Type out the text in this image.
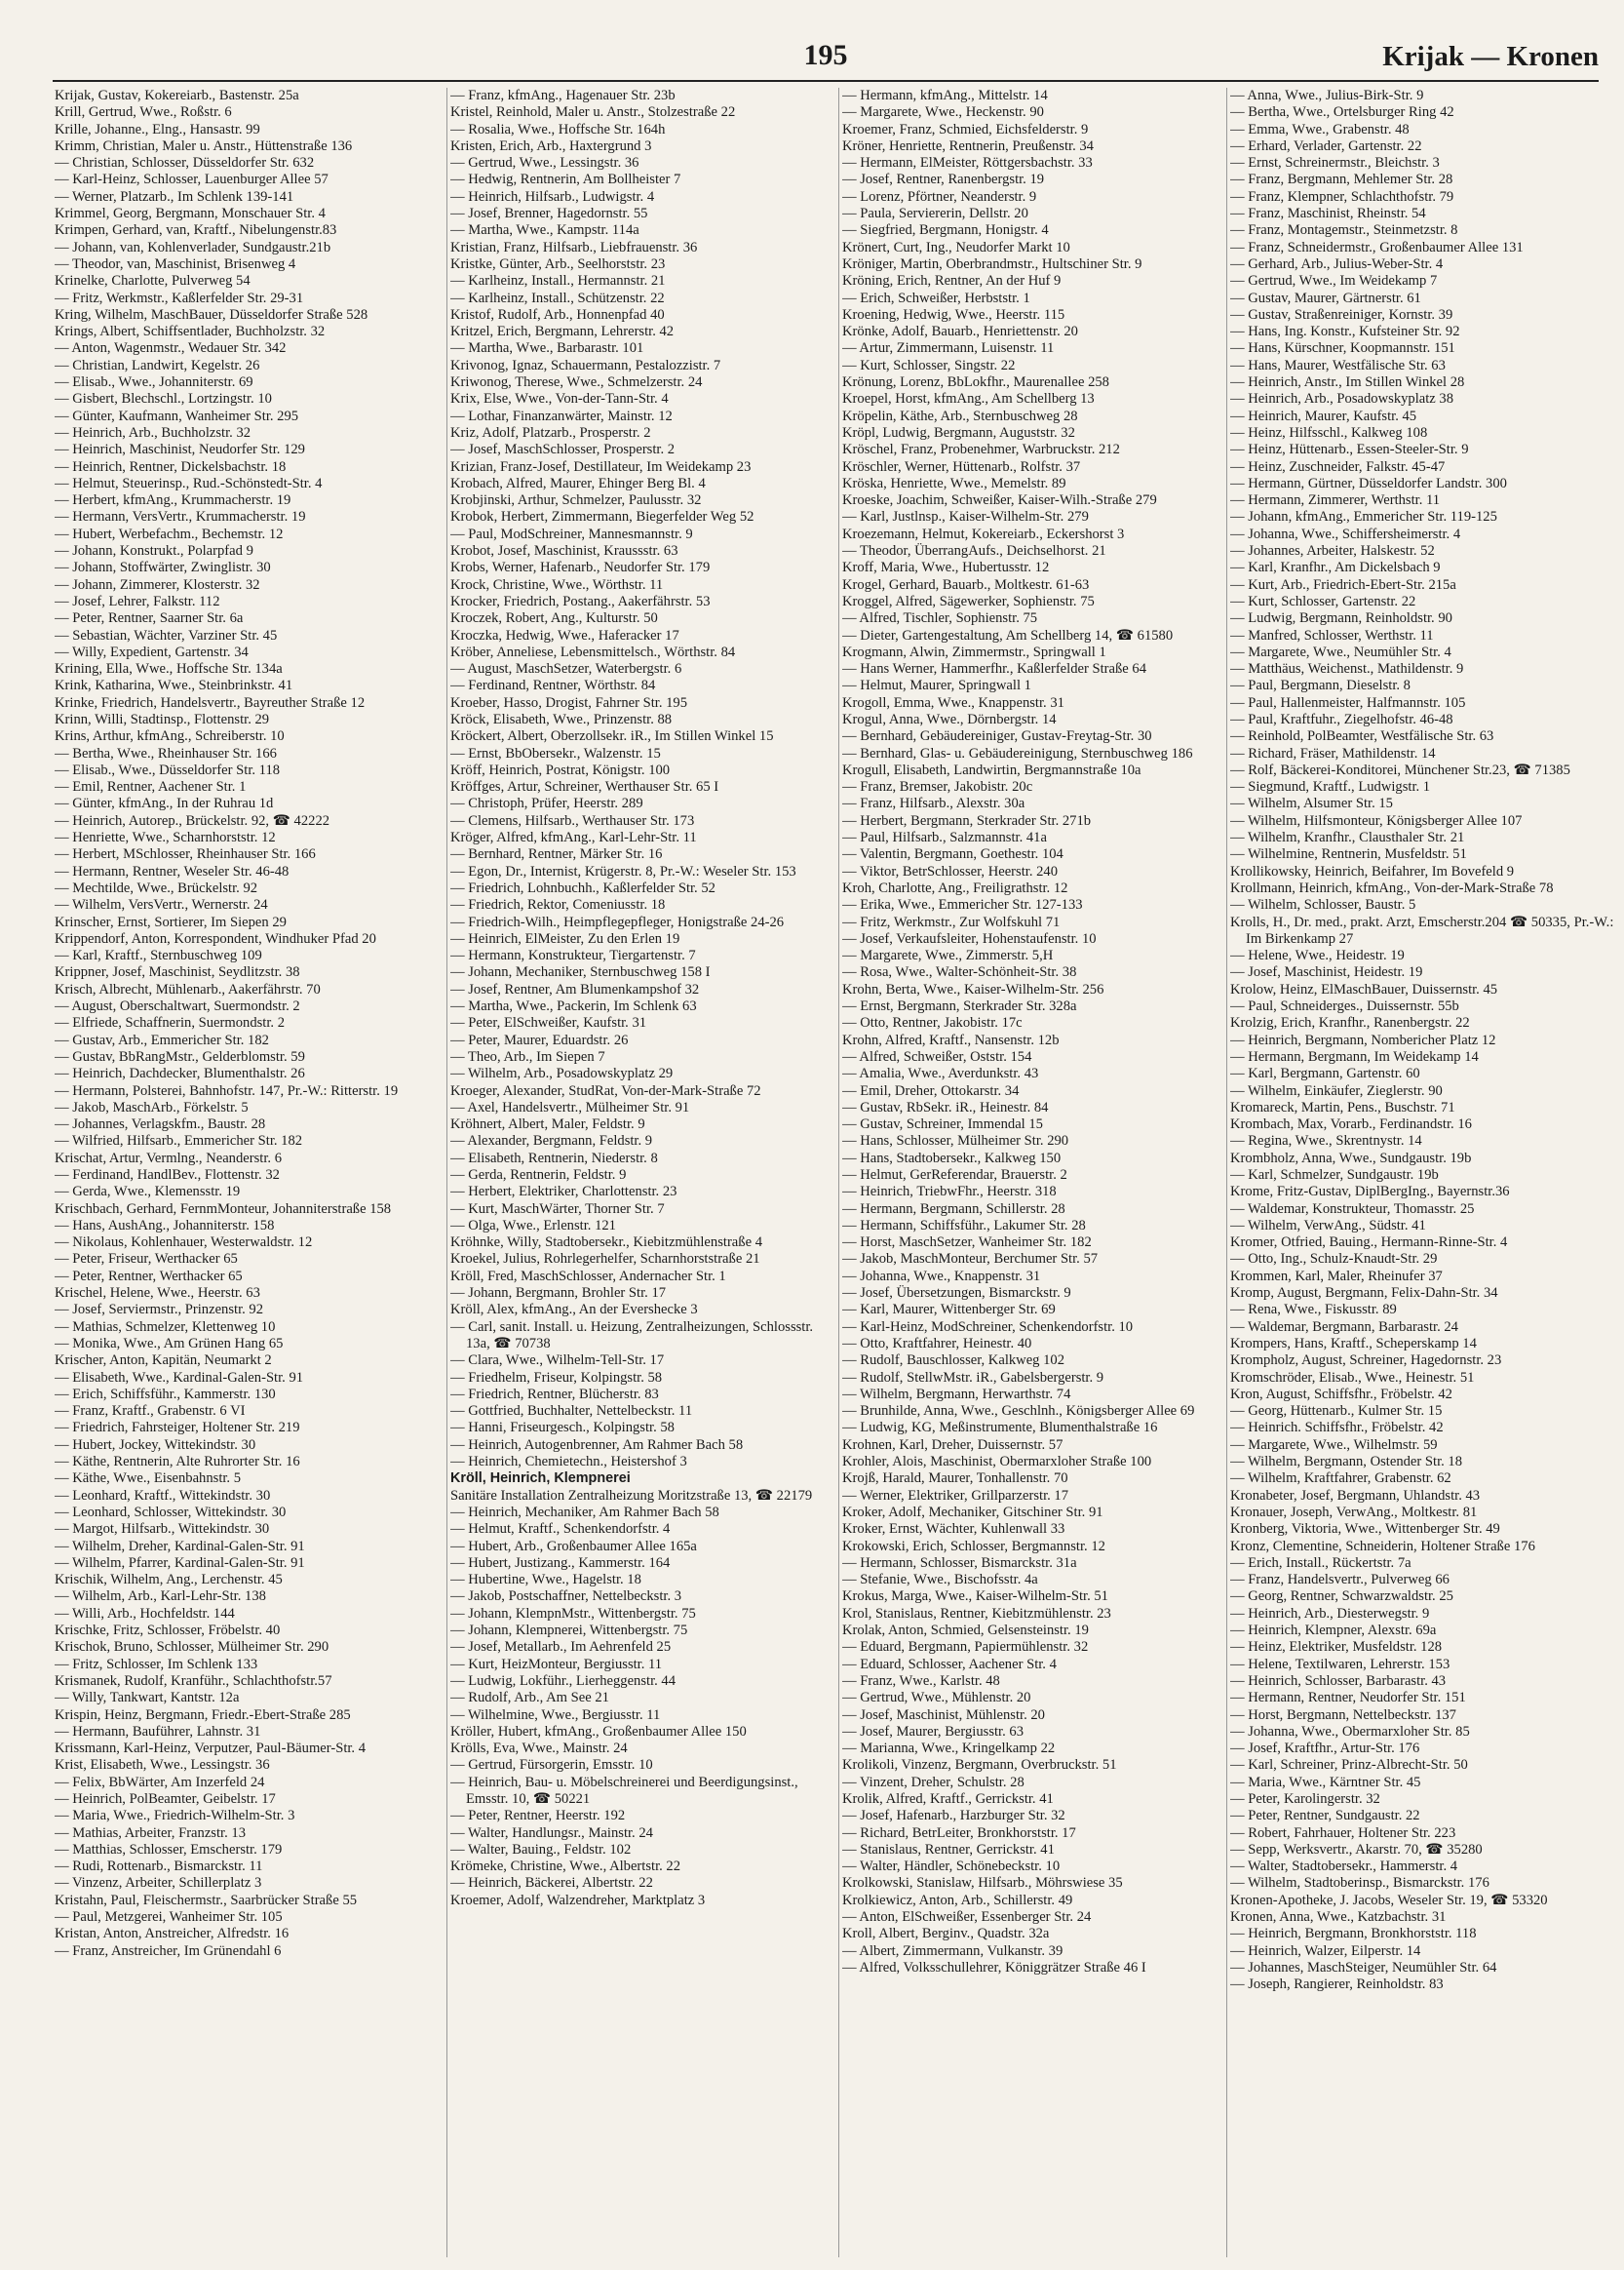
195	Krijak — Kronen
Krijak, Gustav, Kokereiarb., Bastenstr. 25a
Krill, Gertrud, Wwe., Roßstr. 6
Krille, Johanne., Elng., Hansastr. 99
Krimm, Christian, Maler u. Anstr., Hüttenstraße 136
— Christian, Schlosser, Düsseldorfer Str. 632
— Karl-Heinz, Schlosser, Lauenburger Allee 57
— Werner, Platzarb., Im Schlenk 139-141
Krimmel, Georg, Bergmann, Monschauer Str. 4
Krimpen, Gerhard, van, Kraftf., Nibelungenstr.83
— Johann, van, Kohlenverlader, Sundgaustr.21b
— Theodor, van, Maschinist, Brisenweg 4
Krinelke, Charlotte, Pulverweg 54
— Fritz, Werkmstr., Kaßlerfelder Str. 29-31
Kring, Wilhelm, MaschBauer, Düsseldorfer Straße 528
Krings, Albert, Schiffsentlader, Buchholzstr. 32
— Anton, Wagenmstr., Wedauer Str. 342
— Christian, Landwirt, Kegelstr. 26
— Elisab., Wwe., Johanniterstr. 69
— Gisbert, Blechschl., Lortzingstr. 10
— Günter, Kaufmann, Wanheimer Str. 295
— Heinrich, Arb., Buchholzstr. 32
— Heinrich, Maschinist, Neudorfer Str. 129
— Heinrich, Rentner, Dickelsbachstr. 18
— Helmut, Steuerinsp., Rud.-Schönstedt-Str. 4
— Herbert, kfmAng., Krummacherstr. 19
— Hermann, VersVertr., Krummacherstr. 19
— Hubert, Werbefachm., Bechemstr. 12
— Johann, Konstrukt., Polarpfad 9
— Johann, Stoffwärter, Zwinglistr. 30
— Johann, Zimmerer, Klosterstr. 32
— Josef, Lehrer, Falkstr. 112
— Peter, Rentner, Saarner Str. 6a
— Sebastian, Wächter, Varziner Str. 45
— Willy, Expedient, Gartenstr. 34
Krining, Ella, Wwe., Hoffsche Str. 134a
Krink, Katharina, Wwe., Steinbrinkstr. 41
Krinke, Friedrich, Handelsvertr., Bayreuther Straße 12
Krinn, Willi, Stadtinsp., Flottenstr. 29
Krins, Arthur, kfmAng., Schreiberstr. 10
— Bertha, Wwe., Rheinhauser Str. 166
— Elisab., Wwe., Düsseldorfer Str. 118
— Emil, Rentner, Aachener Str. 1
— Günter, kfmAng., In der Ruhrau 1d
— Heinrich, Autorep., Brückelstr. 92, ☎ 42222
— Henriette, Wwe., Scharnhorststr. 12
— Herbert, MSchlosser, Rheinhauser Str. 166
— Hermann, Rentner, Weseler Str. 46-48
— Mechtilde, Wwe., Brückelstr. 92
— Wilhelm, VersVertr., Wernerstr. 24
Krinscher, Ernst, Sortierer, Im Siepen 29
Krippendorf, Anton, Korrespondent, Windhuker Pfad 20
— Karl, Kraftf., Sternbuschweg 109
Krippner, Josef, Maschinist, Seydlitzstr. 38
Krisch, Albrecht, Mühlenarb., Aakerfährstr. 70
— August, Oberschaltwart, Suermondstr. 2
— Elfriede, Schaffnerin, Suermondstr. 2
— Gustav, Arb., Emmericher Str. 182
— Gustav, BbRangMstr., Gelderblomstr. 59
— Heinrich, Dachdecker, Blumenthalstr. 26
— Hermann, Polsterei, Bahnhofstr. 147, Pr.-W.: Ritterstr. 19
— Jakob, MaschArb., Förkelstr. 5
— Johannes, Verlagskfm., Baustr. 28
— Wilfried, Hilfsarb., Emmericher Str. 182
Krischat, Artur, Vermlng., Neanderstr. 6
— Ferdinand, HandlBev., Flottenstr. 32
— Gerda, Wwe., Klemensstr. 19
Krischbach, Gerhard, FernmMonteur, Johanniterstraße 158
— Hans, AushAng., Johanniterstr. 158
— Nikolaus, Kohlenhauer, Westerwaldstr. 12
— Peter, Friseur, Werthacker 65
— Peter, Rentner, Werthacker 65
Krischel, Helene, Wwe., Heerstr. 63
— Josef, Serviermstr., Prinzenstr. 92
— Mathias, Schmelzer, Klettenweg 10
— Monika, Wwe., Am Grünen Hang 65
Krischer, Anton, Kapitän, Neumarkt 2
— Elisabeth, Wwe., Kardinal-Galen-Str. 91
— Erich, Schiffsführ., Kammerstr. 130
— Franz, Kraftf., Grabenstr. 6 VI
— Friedrich, Fahrsteiger, Holtener Str. 219
— Hubert, Jockey, Wittekindstr. 30
— Käthe, Rentnerin, Alte Ruhrorter Str. 16
— Käthe, Wwe., Eisenbahnstr. 5
— Leonhard, Kraftf., Wittekindstr. 30
— Leonhard, Schlosser, Wittekindstr. 30
— Margot, Hilfsarb., Wittekindstr. 30
— Wilhelm, Dreher, Kardinal-Galen-Str. 91
— Wilhelm, Pfarrer, Kardinal-Galen-Str. 91
Krischik, Wilhelm, Ang., Lerchenstr. 45
— Wilhelm, Arb., Karl-Lehr-Str. 138
— Willi, Arb., Hochfeldstr. 144
Krischke, Fritz, Schlosser, Fröbelstr. 40
Krischok, Bruno, Schlosser, Mülheimer Str. 290
— Fritz, Schlosser, Im Schlenk 133
Krismanek, Rudolf, Kranführ., Schlachthofstr.57
— Willy, Tankwart, Kantstr. 12a
Krispin, Heinz, Bergmann, Friedr.-Ebert-Straße 285
— Hermann, Bauführer, Lahnstr. 31
Krissmann, Karl-Heinz, Verputzer, Paul-Bäumer-Str. 4
Krist, Elisabeth, Wwe., Lessingstr. 36
— Felix, BbWärter, Am Inzerfeld 24
— Heinrich, PolBeamter, Geibelstr. 17
— Maria, Wwe., Friedrich-Wilhelm-Str. 3
— Mathias, Arbeiter, Franzstr. 13
— Matthias, Schlosser, Emscherstr. 179
— Rudi, Rottenarb., Bismarckstr. 11
— Vinzenz, Arbeiter, Schillerplatz 3
Kristahn, Paul, Fleischermstr., Saarbrücker Straße 55
— Paul, Metzgerei, Wanheimer Str. 105
Kristan, Anton, Anstreicher, Alfredstr. 16
— Franz, Anstreicher, Im Grünendahl 6
— Franz, kfmAng., Hagenauer Str. 23b
Kristel, Reinhold, Maler u. Anstr., Stolzestraße 22
— Rosalia, Wwe., Hoffsche Str. 164h
Kristen, Erich, Arb., Haxtergrund 3
— Gertrud, Wwe., Lessingstr. 36
— Hedwig, Rentnerin, Am Bollheister 7
— Heinrich, Hilfsarb., Ludwigstr. 4
— Josef, Brenner, Hagedornstr. 55
— Martha, Wwe., Kampstr. 114a
Kristian, Franz, Hilfsarb., Liebfrauenstr. 36
Kristke, Günter, Arb., Seelhorststr. 23
— Karlheinz, Install., Hermannstr. 21
— Karlheinz, Install., Schützenstr. 22
Kristof, Rudolf, Arb., Honnenpfad 40
Kritzel, Erich, Bergmann, Lehrerstr. 42
— Martha, Wwe., Barbarastr. 101
Krivonog, Ignaz, Schauermann, Pestalozzistr. 7
Kriwonog, Therese, Wwe., Schmelzerstr. 24
Krix, Else, Wwe., Von-der-Tann-Str. 4
— Lothar, Finanzanwärter, Mainstr. 12
Kriz, Adolf, Platzarb., Prosperstr. 2
— Josef, MaschSchlosser, Prosperstr. 2
Krizian, Franz-Josef, Destillateur, Im Weidekamp 23
Krobach, Alfred, Maurer, Ehinger Berg Bl. 4
Krobjinski, Arthur, Schmelzer, Paulusstr. 32
Krobok, Herbert, Zimmermann, Biegerfelder Weg 52
— Paul, ModSchreiner, Mannesmannstr. 9
Krobot, Josef, Maschinist, Kraussstr. 63
Krobs, Werner, Hafenarb., Neudorfer Str. 179
Krock, Christine, Wwe., Wörthstr. 11
Krocker, Friedrich, Postang., Aakerfährstr. 53
Kroczek, Robert, Ang., Kulturstr. 50
Kroczka, Hedwig, Wwe., Haferacker 17
Kröber, Anneliese, Lebensmittelsch., Wörthstr. 84
— August, MaschSetzer, Waterbergstr. 6
— Ferdinand, Rentner, Wörthstr. 84
Kroeber, Hasso, Drogist, Fahrner Str. 195
Kröck, Elisabeth, Wwe., Prinzenstr. 88
Kröckert, Albert, Oberzollsekr. iR., Im Stillen Winkel 15
— Ernst, BbObersekr., Walzenstr. 15
Kröff, Heinrich, Postrat, Königstr. 100
Kröffges, Artur, Schreiner, Werthauser Str. 65 I
— Christoph, Prüfer, Heerstr. 289
— Clemens, Hilfsarb., Werthauser Str. 173
Kröger, Alfred, kfmAng., Karl-Lehr-Str. 11
— Bernhard, Rentner, Märker Str. 16
— Egon, Dr., Internist, Krügerstr. 8, Pr.-W.: Weseler Str. 153
— Friedrich, Lohnbuchh., Kaßlerfelder Str. 52
— Friedrich, Rektor, Comeniusstr. 18
— Friedrich-Wilh., Heimpflegepfleger, Honigstraße 24-26
— Heinrich, ElMeister, Zu den Erlen 19
— Hermann, Konstrukteur, Tiergartenstr. 7
— Johann, Mechaniker, Sternbuschweg 158 I
— Josef, Rentner, Am Blumenkampshof 32
— Martha, Wwe., Packerin, Im Schlenk 63
— Peter, ElSchweißer, Kaufstr. 31
— Peter, Maurer, Eduardstr. 26
— Theo, Arb., Im Siepen 7
— Wilhelm, Arb., Posadowskyplatz 29
Kroeger, Alexander, StudRat, Von-der-Mark-Straße 72
— Axel, Handelsvertr., Mülheimer Str. 91
Kröhnert, Albert, Maler, Feldstr. 9
— Alexander, Bergmann, Feldstr. 9
— Elisabeth, Rentnerin, Niederstr. 8
— Gerda, Rentnerin, Feldstr. 9
— Herbert, Elektriker, Charlottenstr. 23
— Kurt, MaschWärter, Thorner Str. 7
— Olga, Wwe., Erlenstr. 121
Kröhnke, Willy, Stadtobersekr., Kiebitzmühlenstraße 4
Kroekel, Julius, Rohrlegerhelfer, Scharnhorststraße 21
Kröll, Fred, MaschSchlosser, Andernacher Str. 1
— Johann, Bergmann, Brohler Str. 17
Kröll, Alex, kfmAng., An der Evershecke 3
— Carl, sanit. Install. u. Heizung, Zentralheizungen, Schlossstr. 13a, ☎ 70738
— Clara, Wwe., Wilhelm-Tell-Str. 17
— Friedhelm, Friseur, Kolpingstr. 58
— Friedrich, Rentner, Blücherstr. 83
— Gottfried, Buchhalter, Nettelbeckstr. 11
— Hanni, Friseurgesch., Kolpingstr. 58
— Heinrich, Autogenbrenner, Am Rahmer Bach 58
— Heinrich, Chemietechn., Heistershof 3
Kröll, Heinrich, Klempnerei
Sanitäre Installation Zentralheizung Moritzstraße 13, ☎ 22179
— Heinrich, Mechaniker, Am Rahmer Bach 58
— Helmut, Kraftf., Schenkendorfstr. 4
— Hubert, Arb., Großenbaumer Allee 165a
— Hubert, Justizang., Kammerstr. 164
— Hubertine, Wwe., Hagelstr. 18
— Jakob, Postschaffner, Nettelbeckstr. 3
— Johann, KlempnMstr., Wittenbergstr. 75
— Johann, Klempnerei, Wittenbergstr. 75
— Josef, Metallarb., Im Aehrenfeld 25
— Kurt, HeizMonteur, Bergiusstr. 11
— Ludwig, Lokführ., Lierheggenstr. 44
— Rudolf, Arb., Am See 21
— Wilhelmine, Wwe., Bergiusstr. 11
Kröller, Hubert, kfmAng., Großenbaumer Allee 150
Krölls, Eva, Wwe., Mainstr. 24
— Gertrud, Fürsorgerin, Emsstr. 10
— Heinrich, Bau- u. Möbelschreinerei und Beerdigungsinst., Emsstr. 10, ☎ 50221
— Peter, Rentner, Heerstr. 192
— Walter, Handlungsr., Mainstr. 24
— Walter, Bauing., Feldstr. 102
Krömeke, Christine, Wwe., Albertstr. 22
— Heinrich, Bäckerei, Albertstr. 22
Kroemer, Adolf, Walzendreher, Marktplatz 3
— Hermann, kfmAng., Mittelstr. 14
— Margarete, Wwe., Heckenstr. 90
Kroemer, Franz, Schmied, Eichsfelderstr. 9
Kröner, Henriette, Rentnerin, Preußenstr. 34
— Hermann, ElMeister, Röttgersbachstr. 33
— Josef, Rentner, Ranenbergstr. 19
— Lorenz, Pförtner, Neanderstr. 9
— Paula, Serviererin, Dellstr. 20
— Siegfried, Bergmann, Honigstr. 4
Krönert, Curt, Ing., Neudorfer Markt 10
Kröniger, Martin, Oberbrandmstr., Hultschiner Str. 9
Kröning, Erich, Rentner, An der Huf 9
— Erich, Schweißer, Herbststr. 1
Kroening, Hedwig, Wwe., Heerstr. 115
Krönke, Adolf, Bauarb., Henriettenstr. 20
— Artur, Zimmermann, Luisenstr. 11
— Kurt, Schlosser, Singstr. 22
Krönung, Lorenz, BbLokfhr., Maurenallee 258
Kroepel, Horst, kfmAng., Am Schellberg 13
Kröpelin, Käthe, Arb., Sternbuschweg 28
Kröpl, Ludwig, Bergmann, Auguststr. 32
Kröschel, Franz, Probenehmer, Warbruckstr. 212
Kröschler, Werner, Hüttenarb., Rolfstr. 37
Kröska, Henriette, Wwe., Memelstr. 89
Kroeske, Joachim, Schweißer, Kaiser-Wilh.-Straße 279
— Karl, Justlnsp., Kaiser-Wilhelm-Str. 279
Kroezemann, Helmut, Kokereiarb., Eckershorst 3
— Theodor, ÜberrangAufs., Deichselhorst. 21
Kroff, Maria, Wwe., Hubertusstr. 12
Krogel, Gerhard, Bauarb., Moltkestr. 61-63
Kroggel, Alfred, Sägewerker, Sophienstr. 75
— Alfred, Tischler, Sophienstr. 75
— Dieter, Gartengestaltung, Am Schellberg 14, ☎ 61580
Krogmann, Alwin, Zimmermstr., Springwall 1
— Hans Werner, Hammerfhr., Kaßlerfelder Straße 64
— Helmut, Maurer, Springwall 1
Krogoll, Emma, Wwe., Knappenstr. 31
Krogul, Anna, Wwe., Dörnbergstr. 14
— Bernhard, Gebäudereiniger, Gustav-Freytag-Str. 30
— Bernhard, Glas- u. Gebäudereinigung, Sternbuschweg 186
Krogull, Elisabeth, Landwirtin, Bergmannstraße 10a
— Franz, Bremser, Jakobistr. 20c
— Franz, Hilfsarb., Alexstr. 30a
— Herbert, Bergmann, Sterkrader Str. 271b
— Paul, Hilfsarb., Salzmannstr. 41a
— Valentin, Bergmann, Goethestr. 104
— Viktor, BetrSchlosser, Heerstr. 240
Kroh, Charlotte, Ang., Freiligrathstr. 12
— Erika, Wwe., Emmericher Str. 127-133
— Fritz, Werkmstr., Zur Wolfskuhl 71
— Josef, Verkaufsleiter, Hohenstaufenstr. 10
— Margarete, Wwe., Zimmerstr. 5,H
— Rosa, Wwe., Walter-Schönheit-Str. 38
Krohn, Berta, Wwe., Kaiser-Wilhelm-Str. 256
— Ernst, Bergmann, Sterkrader Str. 328a
— Otto, Rentner, Jakobistr. 17c
Krohn, Alfred, Kraftf., Nansenstr. 12b
— Alfred, Schweißer, Oststr. 154
— Amalia, Wwe., Averdunkstr. 43
— Emil, Dreher, Ottokarstr. 34
— Gustav, RbSekr. iR., Heinestr. 84
— Gustav, Schreiner, Immendal 15
— Hans, Schlosser, Mülheimer Str. 290
— Hans, Stadtobersekr., Kalkweg 150
— Helmut, GerReferendar, Brauerstr. 2
— Heinrich, TriebwFhr., Heerstr. 318
— Hermann, Bergmann, Schillerstr. 28
— Hermann, Schiffsführ., Lakumer Str. 28
— Horst, MaschSetzer, Wanheimer Str. 182
— Jakob, MaschMonteur, Berchumer Str. 57
— Johanna, Wwe., Knappenstr. 31
— Josef, Übersetzungen, Bismarckstr. 9
— Karl, Maurer, Wittenberger Str. 69
— Karl-Heinz, ModSchreiner, Schenkendorfstr. 10
— Otto, Kraftfahrer, Heinestr. 40
— Rudolf, Bauschlosser, Kalkweg 102
— Rudolf, StellwMstr. iR., Gabelsbergerstr. 9
— Wilhelm, Bergmann, Herwarthstr. 74
— Brunhilde, Anna, Wwe., Geschlnh., Königsberger Allee 69
— Ludwig, KG, Meßinstrumente, Blumenthalstraße 16
Krohnen, Karl, Dreher, Duissernstr. 57
Krohler, Alois, Maschinist, Obermarxloher Straße 100
Krojß, Harald, Maurer, Tonhallenstr. 70
— Werner, Elektriker, Grillparzerstr. 17
Kroker, Adolf, Mechaniker, Gitschiner Str. 91
Kroker, Ernst, Wächter, Kuhlenwall 33
Krokowski, Erich, Schlosser, Bergmannstr. 12
— Hermann, Schlosser, Bismarckstr. 31a
— Stefanie, Wwe., Bischofsstr. 4a
Krokus, Marga, Wwe., Kaiser-Wilhelm-Str. 51
Krol, Stanislaus, Rentner, Kiebitzmühlenstr. 23
Krolak, Anton, Schmied, Gelsensteinstr. 19
— Eduard, Bergmann, Papiermühlenstr. 32
— Eduard, Schlosser, Aachener Str. 4
— Franz, Wwe., Karlstr. 48
— Gertrud, Wwe., Mühlenstr. 20
— Josef, Maschinist, Mühlenstr. 20
— Josef, Maurer, Bergiusstr. 63
— Marianna, Wwe., Kringelkamp 22
Krolikoli, Vinzenz, Bergmann, Overbruckstr. 51
— Vinzent, Dreher, Schulstr. 28
Krolik, Alfred, Kraftf., Gerrickstr. 41
— Josef, Hafenarb., Harzburger Str. 32
— Richard, BetrLeiter, Bronkhorststr. 17
— Stanislaus, Rentner, Gerrickstr. 41
— Walter, Händler, Schönebeckstr. 10
Krolkowski, Stanislaw, Hilfsarb., Möhrswiese 35
Krolkiewicz, Anton, Arb., Schillerstr. 49
— Anton, ElSchweißer, Essenberger Str. 24
Kroll, Albert, Berginv., Quadstr. 32a
— Albert, Zimmermann, Vulkanstr. 39
— Alfred, Volksschullehrer, Königgrätzer Straße 46 I
— Anna, Wwe., Julius-Birk-Str. 9
— Bertha, Wwe., Ortelsburger Ring 42
— Emma, Wwe., Grabenstr. 48
— Erhard, Verlader, Gartenstr. 22
— Ernst, Schreinermstr., Bleichstr. 3
— Franz, Bergmann, Mehlemer Str. 28
— Franz, Klempner, Schlachthofstr. 79
— Franz, Maschinist, Rheinstr. 54
— Franz, Montagemstr., Steinmetzstr. 8
— Franz, Schneidermstr., Großenbaumer Allee 131
— Gerhard, Arb., Julius-Weber-Str. 4
— Gertrud, Wwe., Im Weidekamp 7
— Gustav, Maurer, Gärtnerstr. 61
— Gustav, Straßenreiniger, Kornstr. 39
— Hans, Ing. Konstr., Kufsteiner Str. 92
— Hans, Kürschner, Koopmannstr. 151
— Hans, Maurer, Westfälische Str. 63
— Heinrich, Anstr., Im Stillen Winkel 28
— Heinrich, Arb., Posadowskyplatz 38
— Heinrich, Maurer, Kaufstr. 45
— Heinz, Hilfsschl., Kalkweg 108
— Heinz, Hüttenarb., Essen-Steeler-Str. 9
— Heinz, Zuschneider, Falkstr. 45-47
— Hermann, Gürtner, Düsseldorfer Landstr. 300
— Hermann, Zimmerer, Werthstr. 11
— Johann, kfmAng., Emmericher Str. 119-125
— Johanna, Wwe., Schiffersheimerstr. 4
— Johannes, Arbeiter, Halskestr. 52
— Karl, Kranfhr., Am Dickelsbach 9
— Kurt, Arb., Friedrich-Ebert-Str. 215a
— Kurt, Schlosser, Gartenstr. 22
— Ludwig, Bergmann, Reinholdstr. 90
— Manfred, Schlosser, Werthstr. 11
— Margarete, Wwe., Neumühler Str. 4
— Matthäus, Weichenst., Mathildenstr. 9
— Paul, Bergmann, Dieselstr. 8
— Paul, Hallenmeister, Halfmannstr. 105
— Paul, Kraftfuhr., Ziegelhofstr. 46-48
— Reinhold, PolBeamter, Westfälische Str. 63
— Richard, Fräser, Mathildenstr. 14
— Rolf, Bäckerei-Konditorei, Münchener Str.23, ☎ 71385
— Siegmund, Kraftf., Ludwigstr. 1
— Wilhelm, Alsumer Str. 15
— Wilhelm, Hilfsmonteur, Königsberger Allee 107
— Wilhelm, Kranfhr., Clausthaler Str. 21
— Wilhelmine, Rentnerin, Musfeldstr. 51
Krollikowsky, Heinrich, Beifahrer, Im Bovefeld 9
Krollmann, Heinrich, kfmAng., Von-der-Mark-Straße 78
— Wilhelm, Schlosser, Baustr. 5
Krolls, H., Dr. med., prakt. Arzt, Emscherstr.204 ☎ 50335, Pr.-W.: Im Birkenkamp 27
— Helene, Wwe., Heidestr. 19
— Josef, Maschinist, Heidestr. 19
Krolow, Heinz, ElMaschBauer, Duissernstr. 45
— Paul, Schneiderges., Duissernstr. 55b
Krolzig, Erich, Kranfhr., Ranenbergstr. 22
— Heinrich, Bergmann, Nombericher Platz 12
— Hermann, Bergmann, Im Weidekamp 14
— Karl, Bergmann, Gartenstr. 60
— Wilhelm, Einkäufer, Zieglerstr. 90
Kromareck, Martin, Pens., Buschstr. 71
Krombach, Max, Vorarb., Ferdinandstr. 16
— Regina, Wwe., Skrentnystr. 14
Krombholz, Anna, Wwe., Sundgaustr. 19b
— Karl, Schmelzer, Sundgaustr. 19b
Krome, Fritz-Gustav, DiplBergIng., Bayernstr.36
— Waldemar, Konstrukteur, Thomasstr. 25
— Wilhelm, VerwAng., Südstr. 41
Kromer, Otfried, Bauing., Hermann-Rinne-Str. 4
— Otto, Ing., Schulz-Knaudt-Str. 29
Krommen, Karl, Maler, Rheinufer 37
Kromp, August, Bergmann, Felix-Dahn-Str. 34
— Rena, Wwe., Fiskusstr. 89
— Waldemar, Bergmann, Barbarastr. 24
Krompers, Hans, Kraftf., Scheperskamp 14
Krompholz, August, Schreiner, Hagedornstr. 23
Kromschröder, Elisab., Wwe., Heinestr. 51
Kron, August, Schiffsfhr., Fröbelstr. 42
— Georg, Hüttenarb., Kulmer Str. 15
— Heinrich. Schiffsfhr., Fröbelstr. 42
— Margarete, Wwe., Wilhelmstr. 59
— Wilhelm, Bergmann, Ostender Str. 18
— Wilhelm, Kraftfahrer, Grabenstr. 62
Kronabeter, Josef, Bergmann, Uhlandstr. 43
Kronauer, Joseph, VerwAng., Moltkestr. 81
Kronberg, Viktoria, Wwe., Wittenberger Str. 49
Kronz, Clementine, Schneiderin, Holtener Straße 176
— Erich, Install., Rückertstr. 7a
— Franz, Handelsvertr., Pulverweg 66
— Georg, Rentner, Schwarzwaldstr. 25
— Heinrich, Arb., Diesterwegstr. 9
— Heinrich, Klempner, Alexstr. 69a
— Heinz, Elektriker, Musfeldstr. 128
— Helene, Textilwaren, Lehrerstr. 153
— Heinrich, Schlosser, Barbarastr. 43
— Hermann, Rentner, Neudorfer Str. 151
— Horst, Bergmann, Nettelbeckstr. 137
— Johanna, Wwe., Obermarxloher Str. 85
— Josef, Kraftfhr., Artur-Str. 176
— Karl, Schreiner, Prinz-Albrecht-Str. 50
— Maria, Wwe., Kärntner Str. 45
— Peter, Karolingerstr. 32
— Peter, Rentner, Sundgaustr. 22
— Robert, Fahrhauer, Holtener Str. 223
— Sepp, Werksvertr., Akarstr. 70, ☎ 35280
— Walter, Stadtobersekr., Hammerstr. 4
— Wilhelm, Stadtoberinsp., Bismarckstr. 176
Kronen-Apotheke, J. Jacobs, Weseler Str. 19, ☎ 53320
Kronen, Anna, Wwe., Katzbachstr. 31
— Heinrich, Bergmann, Bronkhorststr. 118
— Heinrich, Walzer, Eilperstr. 14
— Johannes, MaschSteiger, Neumühler Str. 64
— Joseph, Rangierer, Reinholdstr. 83
